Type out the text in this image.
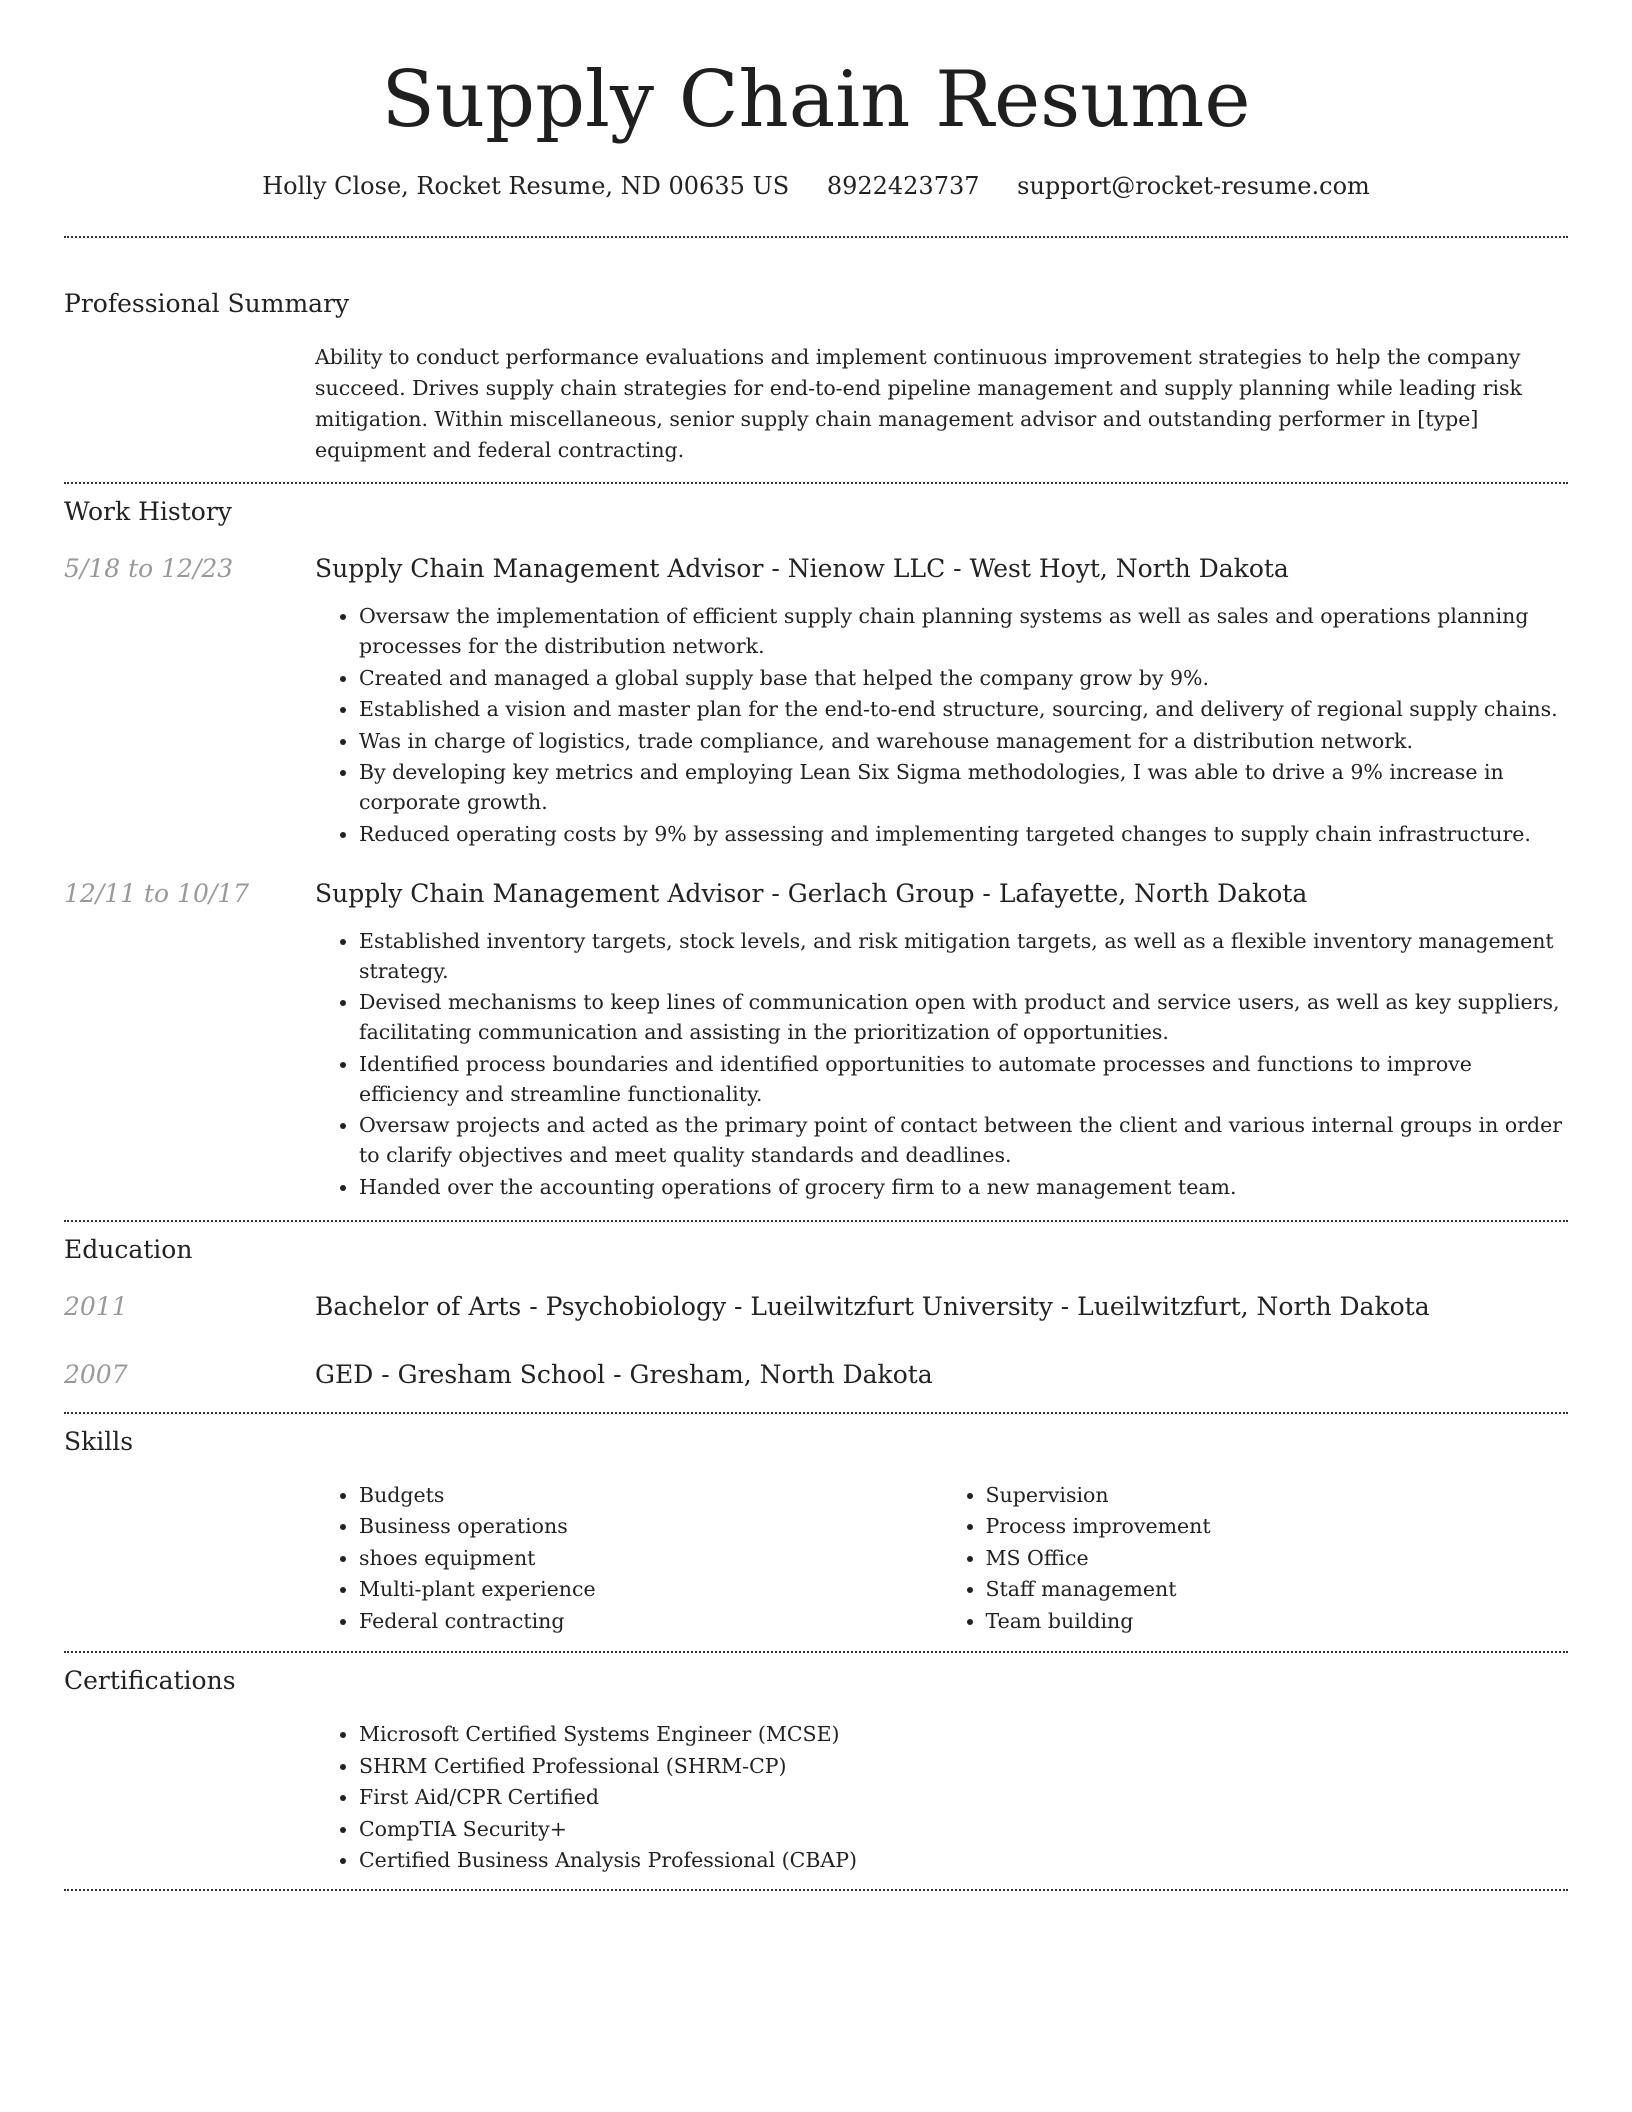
Supply Chain Resume
Holly Close, Rocket Resume, ND 00635 US 8922423737 support@rocket-resume.com
Professional Summary

Ability to conduct performance evaluations and implement continuous improvement strategies to help the company succeed. Drives supply chain strategies for end-to-end pipeline management and supply planning while leading risk mitigation. Within miscellaneous, senior supply chain management advisor and outstanding performer in [type] equipment and federal contracting.

Work History
5/18 to 12/23	Supply Chain Management Advisor - Nienow LLC - West Hoyt, North Dakota

• Oversaw the implementation of efficient supply chain planning systems as well as sales and operations planning processes for the distribution network.
• Created and managed a global supply base that helped the company grow by 9%.
• Established a vision and master plan for the end-to-end structure, sourcing, and delivery of regional supply chains.
• Was in charge of logistics, trade compliance, and warehouse management for a distribution network.
• By developing key metrics and employing Lean Six Sigma methodologies, I was able to drive a 9% increase in corporate growth.
• Reduced operating costs by 9% by assessing and implementing targeted changes to supply chain infrastructure.
12/11 to 10/17	Supply Chain Management Advisor - Gerlach Group - Lafayette, North Dakota

• Established inventory targets, stock levels, and risk mitigation targets, as well as a flexible inventory management strategy.
• Devised mechanisms to keep lines of communication open with product and service users, as well as key suppliers, facilitating communication and assisting in the prioritization of opportunities.
• Identified process boundaries and identified opportunities to automate processes and functions to improve efficiency and streamline functionality.
• Oversaw projects and acted as the primary point of contact between the client and various internal groups in order to clarify objectives and meet quality standards and deadlines.
• Handed over the accounting operations of grocery firm to a new management team.
Education
2011	Bachelor of Arts - Psychobiology - Lueilwitzfurt University - Lueilwitzfurt, North Dakota

2007	GED - Gresham School - Gresham, North Dakota

Skills
• Budgets
• Business operations
• shoes equipment
• Multi-plant experience
• Federal contracting
• Supervision
• Process improvement
• MS Office
• Staff management
• Team building
Certifications
• Microsoft Certified Systems Engineer (MCSE)
• SHRM Certified Professional (SHRM-CP)
• First Aid/CPR Certified
• CompTIA Security+
• Certified Business Analysis Professional (CBAP)
